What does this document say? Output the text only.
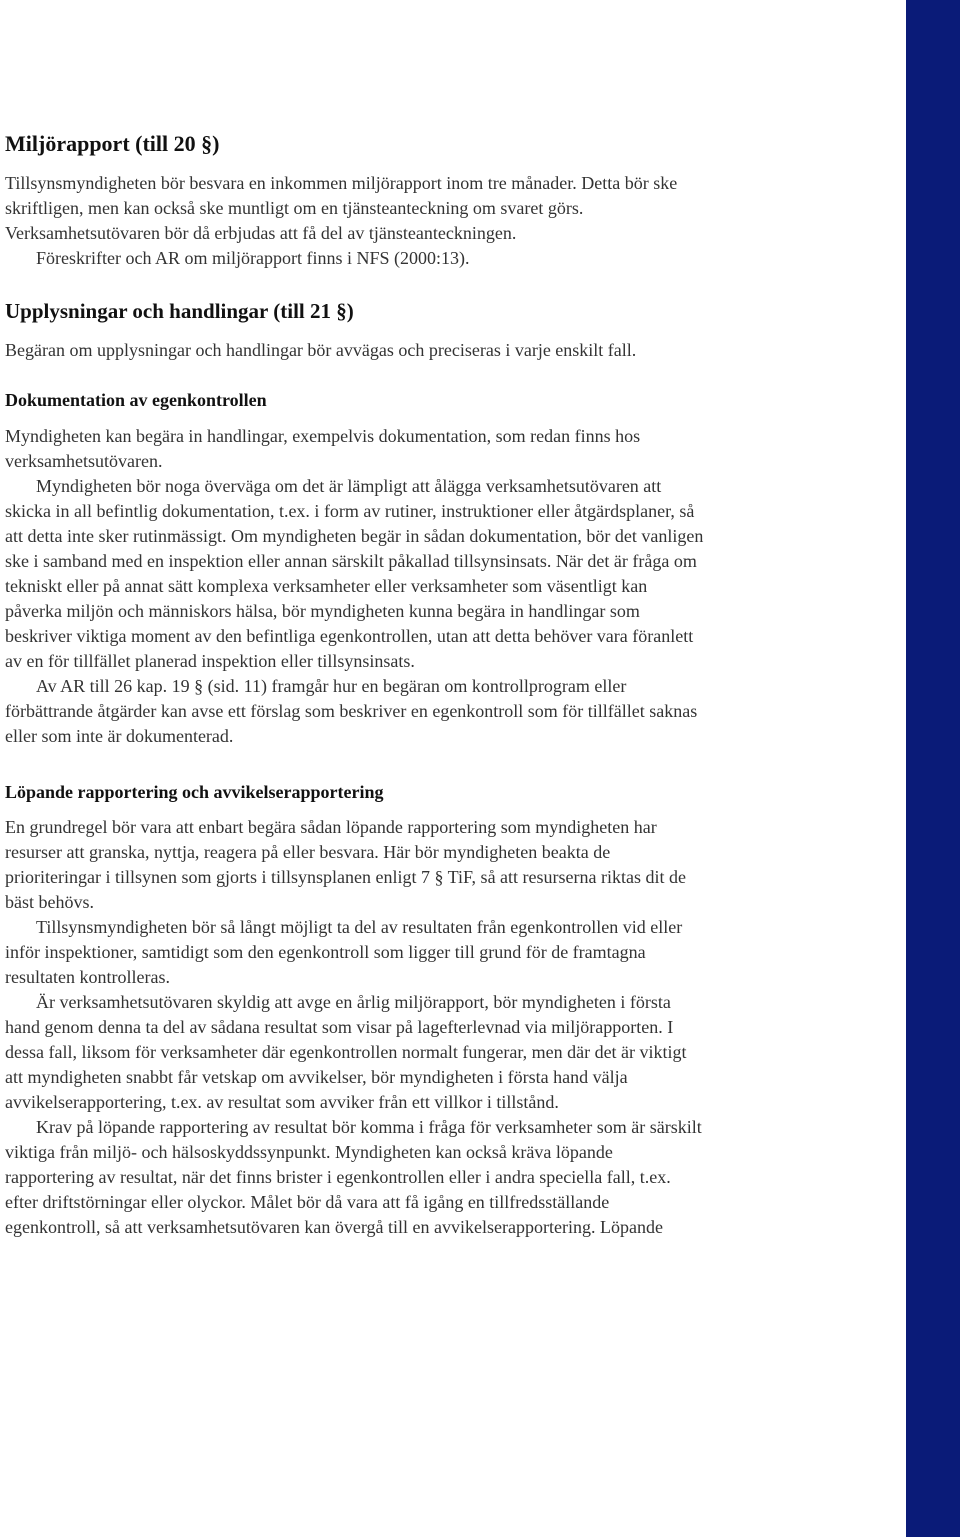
Miljörapport (till 20 §)

Tillsynsmyndigheten bör besvara en inkommen miljörapport inom tre månader. Detta bör ske skriftligen, men kan också ske muntligt om en tjänsteanteckning om svaret görs. Verksamhetsutövaren bör då erbjudas att få del av tjänsteanteckningen.

Föreskrifter och AR om miljörapport finns i NFS (2000:13).

Upplysningar och handlingar (till 21 §)

Begäran om upplysningar och handlingar bör avvägas och preciseras i varje enskilt fall.

Dokumentation av egenkontrollen

Myndigheten kan begära in handlingar, exempelvis dokumentation, som redan finns hos verksamhetsutövaren.

Myndigheten bör noga överväga om det är lämpligt att ålägga verksamhetsutövaren att skicka in all befintlig dokumentation, t.ex. i form av rutiner, instruktioner eller åtgärdsplaner, så att detta inte sker rutinmässigt. Om myndigheten begär in sådan dokumentation, bör det vanligen ske i samband med en inspektion eller annan särskilt påkallad tillsynsinsats. När det är fråga om tekniskt eller på annat sätt komplexa verksamheter eller verksamheter som väsentligt kan påverka miljön och människors hälsa, bör myndigheten kunna begära in handlingar som beskriver viktiga moment av den befintliga egenkontrollen, utan att detta behöver vara föranlett av en för tillfället planerad inspektion eller tillsynsinsats.

Av AR till 26 kap. 19 § (sid. 11) framgår hur en begäran om kontrollprogram eller förbättrande åtgärder kan avse ett förslag som beskriver en egenkontroll som för tillfället saknas eller som inte är dokumenterad.

Löpande rapportering och avvikelserapportering

En grundregel bör vara att enbart begära sådan löpande rapportering som myndigheten har resurser att granska, nyttja, reagera på eller besvara. Här bör myndigheten beakta de prioriteringar i tillsynen som gjorts i tillsynsplanen enligt 7 § TiF, så att resurserna riktas dit de bäst behövs.

Tillsynsmyndigheten bör så långt möjligt ta del av resultaten från egenkontrollen vid eller inför inspektioner, samtidigt som den egenkontroll som ligger till grund för de framtagna resultaten kontrolleras.

Är verksamhetsutövaren skyldig att avge en årlig miljörapport, bör myndigheten i första hand genom denna ta del av sådana resultat som visar på lagefterlevnad via miljörapporten. I dessa fall, liksom för verksamheter där egenkontrollen normalt fungerar, men där det är viktigt att myndigheten snabbt får vetskap om avvikelser, bör myndigheten i första hand välja avvikelserapportering, t.ex. av resultat som avviker från ett villkor i tillstånd.

Krav på löpande rapportering av resultat bör komma i fråga för verksamheter som är särskilt viktiga från miljö- och hälsoskyddssynpunkt. Myndigheten kan också kräva löpande rapportering av resultat, när det finns brister i egenkontrollen eller i andra speciella fall, t.ex. efter driftstörningar eller olyckor. Målet bör då vara att få igång en tillfredsställande egenkontroll, så att verksamhetsutövaren kan övergå till en avvikelserapportering. Löpande
